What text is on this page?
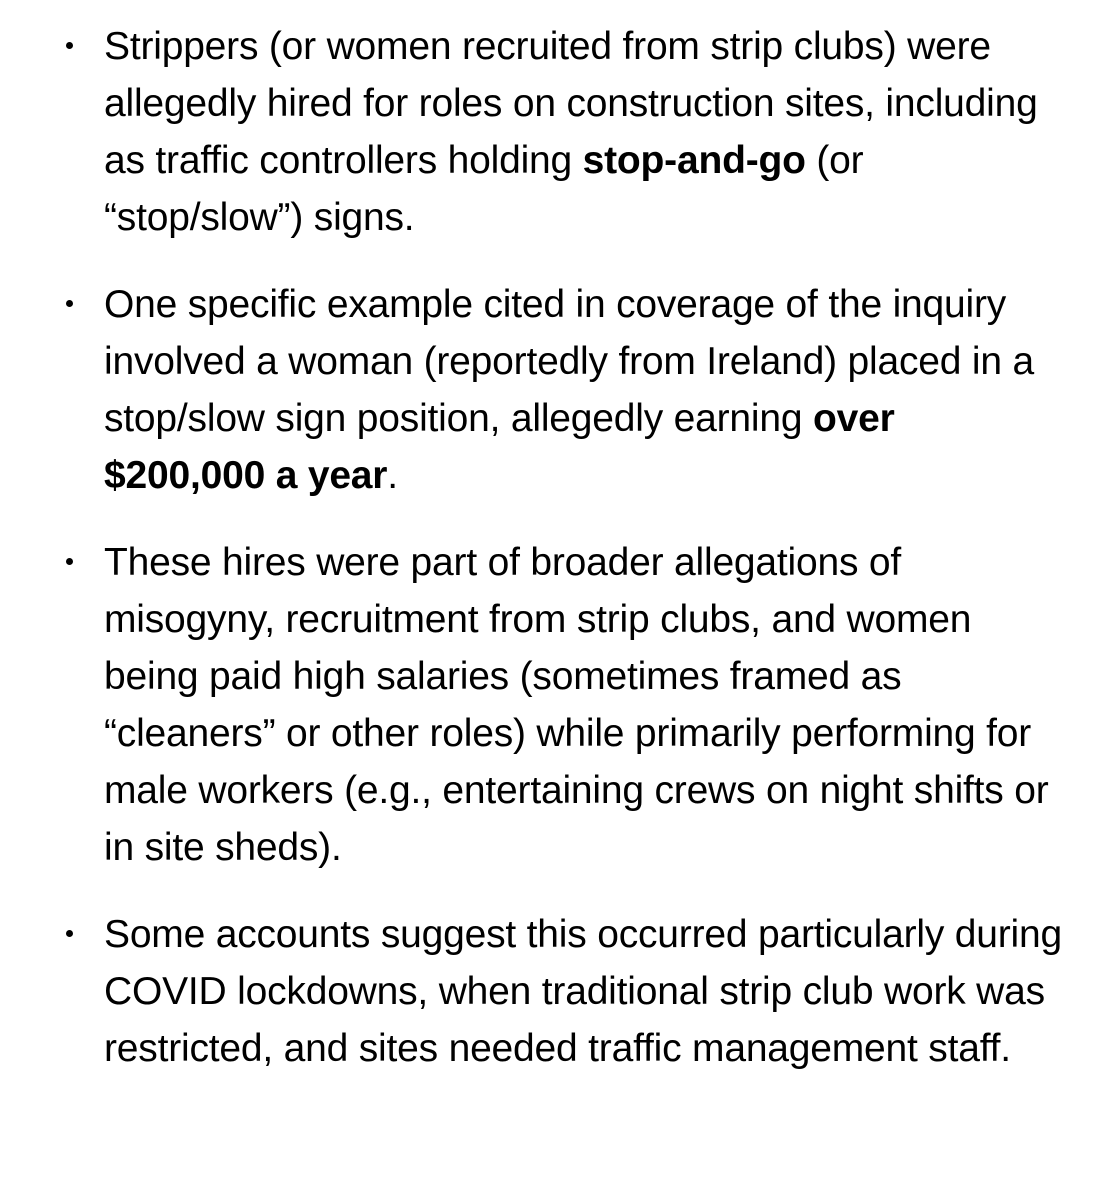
Strippers (or women recruited from strip clubs) were allegedly hired for roles on construction sites, including as traffic controllers holding stop-and-go (or “stop/slow”) signs.
One specific example cited in coverage of the inquiry involved a woman (reportedly from Ireland) placed in a stop/slow sign position, allegedly earning over $200,000 a year.
These hires were part of broader allegations of misogyny, recruitment from strip clubs, and women being paid high salaries (sometimes framed as “cleaners” or other roles) while primarily performing for male workers (e.g., entertaining crews on night shifts or in site sheds).
Some accounts suggest this occurred particularly during COVID lockdowns, when traditional strip club work was restricted, and sites needed traffic management staff.
